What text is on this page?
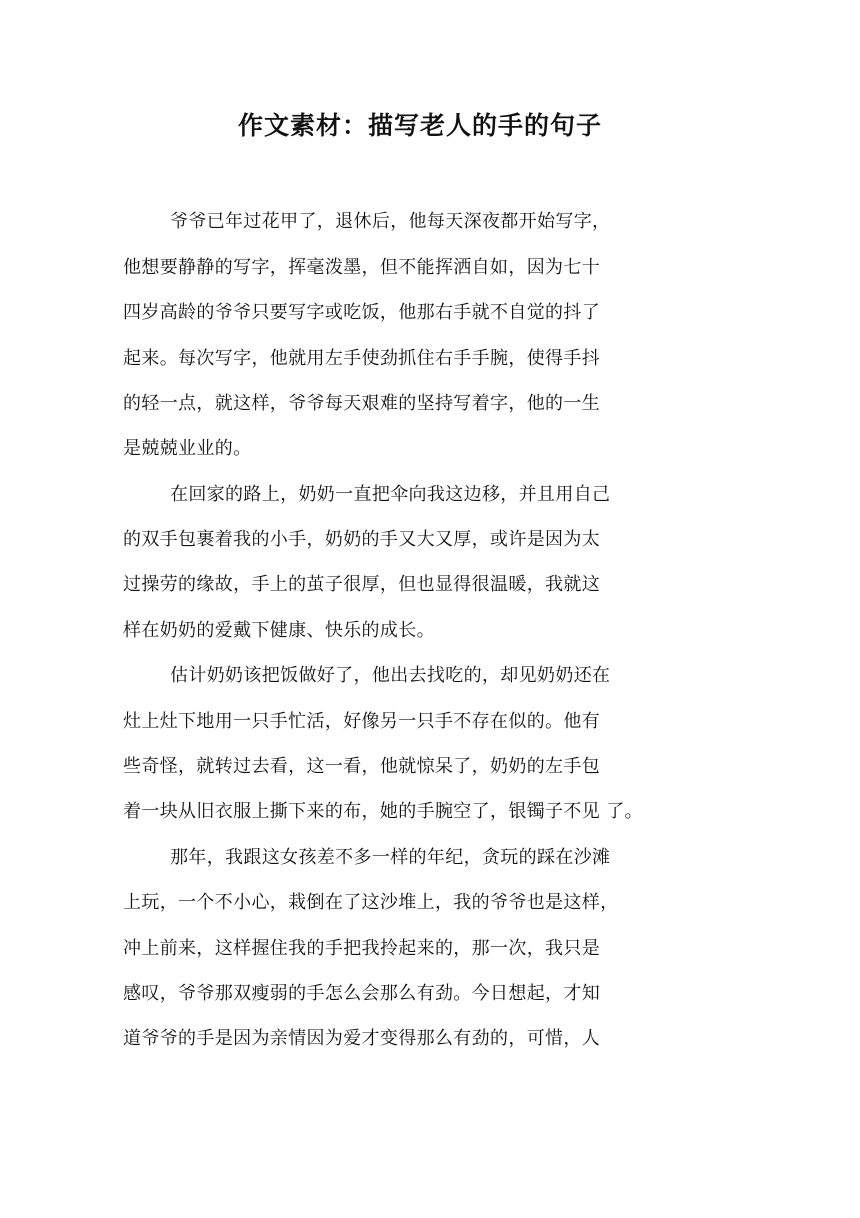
作文素材：描写老人的手的句子

爷爷已年过花甲了，退休后，他每天深夜都开始写字，

他想要静静的写字，挥毫泼墨，但不能挥洒自如，因为七十

四岁高龄的爷爷只要写字或吃饭，他那右手就不自觉的抖了

起来。每次写字，他就用左手使劲抓住右手手腕，使得手抖

的轻一点，就这样，爷爷每天艰难的坚持写着字，他的一生

是兢兢业业的。

在回家的路上，奶奶一直把伞向我这边移，并且用自己

的双手包裹着我的小手，奶奶的手又大又厚，或许是因为太

过操劳的缘故，手上的茧子很厚，但也显得很温暖，我就这

样在奶奶的爱戴下健康、快乐的成长。

估计奶奶该把饭做好了，他出去找吃的，却见奶奶还在

灶上灶下地用一只手忙活，好像另一只手不存在似的。他有

些奇怪，就转过去看，这一看，他就惊呆了，奶奶的左手包

着一块从旧衣服上撕下来的布，她的手腕空了，银镯子不见 了。

那年，我跟这女孩差不多一样的年纪，贪玩的踩在沙滩

上玩，一个不小心，栽倒在了这沙堆上，我的爷爷也是这样，

冲上前来，这样握住我的手把我拎起来的，那一次，我只是

感叹，爷爷那双瘦弱的手怎么会那么有劲。今日想起，才知

道爷爷的手是因为亲情因为爱才变得那么有劲的，可惜，人
